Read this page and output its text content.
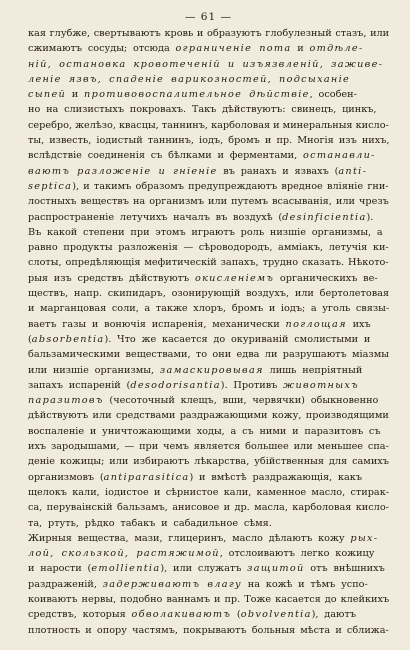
— 61 —
кая глубже, свертываютъ кровь и образуютъ глобулезный стазъ, или
сжимаютъ сосуды; отсюда ограниченіе пота и отдѣле-
ній, остановка кровотеченій и изъязвленій, заживе-
леніе язвъ, спаденіе варикозностей, подсыханіе
сыпей и противовоспалительное дѣйствіе, особен-
но на слизистыхъ покровахъ. Такъ дѣйствуютъ: свинецъ, цинкъ,
серебро, желѣзо, квасцы, таннинъ, карболовая и минеральныя кисло-
ты, известь, іодистый таннинъ, іодъ, бромъ и пр. Многія изъ нихъ,
вслѣдствіе соединенія съ бѣлками и ферментами, останавли-
ваютъ разложеніе и гніеніе въ ранахъ и язвахъ (anti-
septica), и такимъ образомъ предупреждаютъ вредное вліяніе гни-
лостныхъ веществъ на организмъ или путемъ всасыванія, или чрезъ
распространеніе летучихъ началъ въ воздухѣ (desinficientia).
Въ какой степени при этомъ играютъ роль низшіе организмы, а
равно продукты разложенія — сѣроводородъ, аммiакъ, летучія ки-
слоты, опредѣляющія мефитическій запахъ, трудно сказать. Нѣкото-
рыя изъ средствъ дѣйствуютъ окисленіемъ органическихъ ве-
ществъ, напр. скипидаръ, озонирующій воздухъ, или бертолетовая
и марганцовая соли, а также хлоръ, бромъ и іодъ; а уголь связы-
ваетъ газы и вонючія испаренія, механически поглощая ихъ
(absorbentia). Что же касается до окуриваній смолистыми и
бальзамическими веществами, то они едва ли разрушаютъ міазмы
или низшіе организмы, замаскировывая лишь непріятный
запахъ испареній (desodorisantia). Противъ животныхъ
паразитовъ (чесоточный клещъ, вши, червячки) обыкновенно
дѣйствуютъ или средствами раздражающими кожу, производящими
воспаленіе и уничтожающими ходы, а съ ними и паразитовъ съ
ихъ зародышами, — при чемъ является большее или меньшее спа-
деніе кожицы; или избираютъ лѣкарства, убійственныя для самихъ
организмовъ (antiparasitica) и вмѣстѣ раздражающія, какъ
щелокъ кали, іодистое и сѣрнистое кали, каменное масло, стирак-
са, перуваінскій бальзамъ, анисовое и др. масла, карболовая кисло-
та, ртуть, рѣдко табакъ и сабадильное сѣмя.
Жирныя вещества, мази, глицеринъ, масло дѣлаютъ кожу рых-
лой, скользкой, растяжимой, отслоиваютъ легко кожицу
и нарости (emollientia), или служатъ защитой отъ внѣшнихъ
раздраженій, задерживаютъ влагу на кожѣ и тѣмъ успо-
коиваютъ нервы, подобно ваннамъ и пр. Тоже касается до клейкихъ
средствъ, которыя обволакиваютъ (obvolventia), даютъ
плотность и опору частямъ, покрываютъ больныя мѣста и сближа-
